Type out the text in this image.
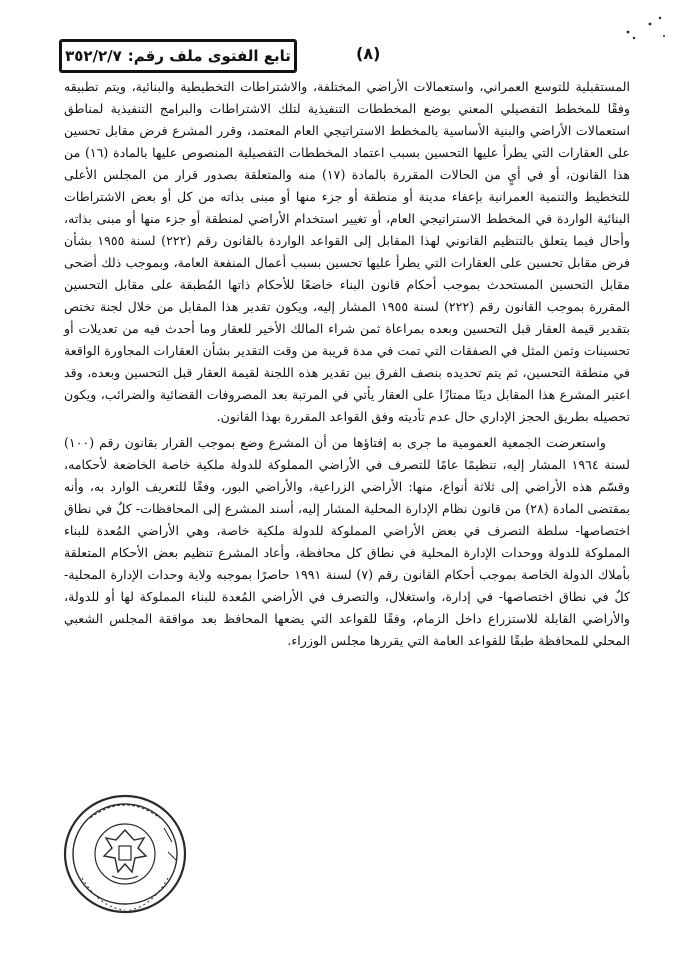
تابع الفتوى ملف رقم:
٣٥٢/٢/٧	(٨)

المستقبلية للتوسع العمراني، واستعمالات الأراضي المختلفة، والاشتراطات التخطيطية والبنائية، ويتم تطبيقه وفقًا للمخطط التفصيلي المعني بوضع المخططات التنفيذية لتلك الاشتراطات والبرامج التنفيذية لمناطق استعمالات الأراضي والبنية الأساسية بالمخطط الاستراتيجي العام المعتمد، وقرر المشرع فرض مقابل تحسين على العقارات التي يطرأ عليها التحسين بسبب اعتماد المخططات التفصيلية المنصوص عليها بالمادة (١٦) من هذا القانون، أو في أيٍ من الحالات المقررة بالمادة (١٧) منه والمتعلقة بصدور قرار من المجلس الأعلى للتخطيط والتنمية العمرانية بإعفاء مدينة أو منطقة أو جزء منها أو مبنى بذاته من كل أو بعض الاشتراطات البنائية الواردة في المخطط الاستراتيجي العام، أو تغيير استخدام الأراضي لمنطقة أو جزء منها أو مبنى بذاته، وأحال فيما يتعلق بالتنظيم القانوني لهذا المقابل إلى القواعد الواردة بالقانون رقم (٢٢٢) لسنة ١٩٥٥ بشأن فرض مقابل تحسين على العقارات التي يطرأ عليها تحسين بسبب أعمال المنفعة العامة، وبموجب ذلك أضحى مقابل التحسين المستحدث بموجب أحكام قانون البناء خاضعًا للأحكام ذاتها المُطبقة على مقابل التحسين المقررة بموجب القانون رقم (٢٢٢) لسنة ١٩٥٥ المشار إليه، ويكون تقدير هذا المقابل من خلال لجنة تختص بتقدير قيمة العقار قبل التحسين وبعده بمراعاة ثمن شراء المالك الأخير للعقار وما أحدث فيه من تعديلات أو تحسينات وثمن المثل في الصفقات التي تمت في مدة قريبة من وقت التقدير بشأن العقارات المجاورة الواقعة في منطقة التحسين، ثم يتم تحديده بنصف الفرق بين تقدير هذه اللجنة لقيمة العقار قبل التحسين وبعده، وقد اعتبر المشرع هذا المقابل دينًا ممتازًا على العقار يأتي في المرتبة بعد المصروفات القضائية والضرائب، ويكون تحصيله بطريق الحجز الإداري حال عدم تأديته وفق القواعد المقررة بهذا القانون.

واستعرضت الجمعية العمومية ما جرى به إفتاؤها من أن المشرع وضع بموجب القرار بقانون رقم (١٠٠) لسنة ١٩٦٤ المشار إليه، تنظيمًا عامًا للتصرف في الأراضي المملوكة للدولة ملكية خاصة الخاضعة لأحكامه، وقسّم هذه الأراضي إلى ثلاثة أنواع، منها: الأراضي الزراعية، والأراضي البور، وفقًا للتعريف الوارد به، وأنه بمقتضى المادة (٢٨) من قانون نظام الإدارة المحلية المشار إليه، أسند المشرع إلى المحافظات- كلٌ في نطاق اختصاصها- سلطة التصرف في بعض الأراضي المملوكة للدولة ملكية خاصة، وهي الأراضي المُعدة للبناء المملوكة للدولة ووحدات الإدارة المحلية في نطاق كل محافظة، وأعاد المشرع تنظيم بعض الأحكام المتعلقة بأملاك الدولة الخاصة بموجب أحكام القانون رقم (٧) لسنة ١٩٩١ حاصرًا بموجبه ولاية وحدات الإدارة المحلية- كلٌ في نطاق اختصاصها- في إدارة، واستغلال، والتصرف في الأراضي المُعدة للبناء المملوكة لها أو للدولة، والأراضي القابلة للاستزراع داخل الزمام، وفقًا للقواعد التي يضعها المحافظ بعد موافقة المجلس الشعبي المحلي للمحافظة طبقًا للقواعد العامة التي يقررها مجلس الوزراء.
